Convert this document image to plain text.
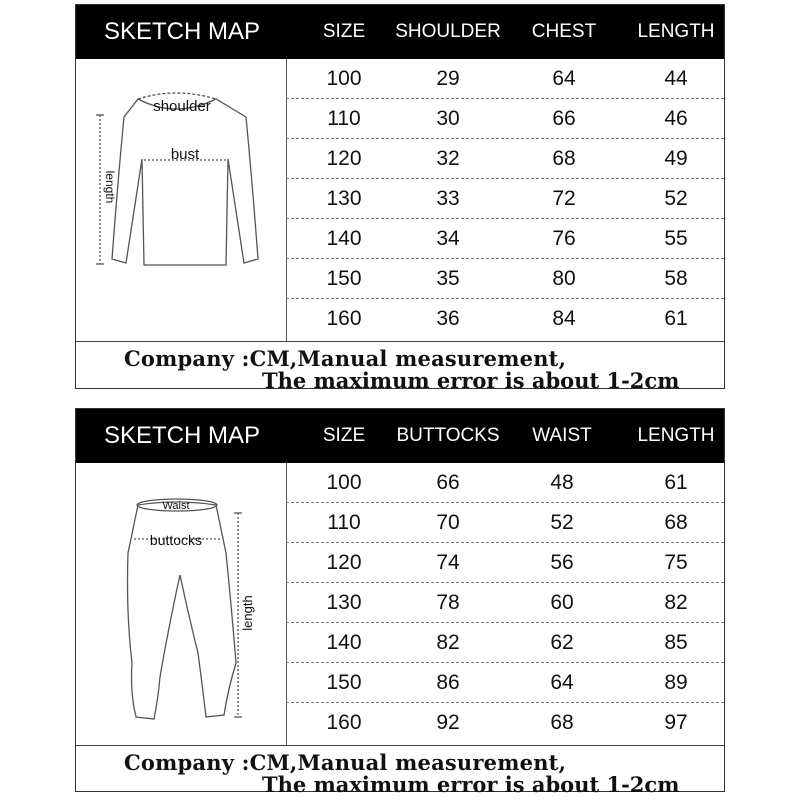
SKETCH MAP	SIZE SHOULDER CHEST LENGTH
shoulder
bust
length
100	29	64	44
110	30	66	46
120	32	68	49
130	33	72	52
140	34	76	55
150	35	80	58
160	36	84	61
Company :CM,Manual measurement,
The maximum error is about 1-2cm
SKETCH MAP	SIZE BUTTOCKS WAIST LENGTH
Waist
buttocks
length
100	66	48	61
110	70	52	68
120	74	56	75
130	78	60	82
140	82	62	85
150	86	64	89
160	92	68	97
Company :CM,Manual measurement,
The maximum error is about 1-2cm
